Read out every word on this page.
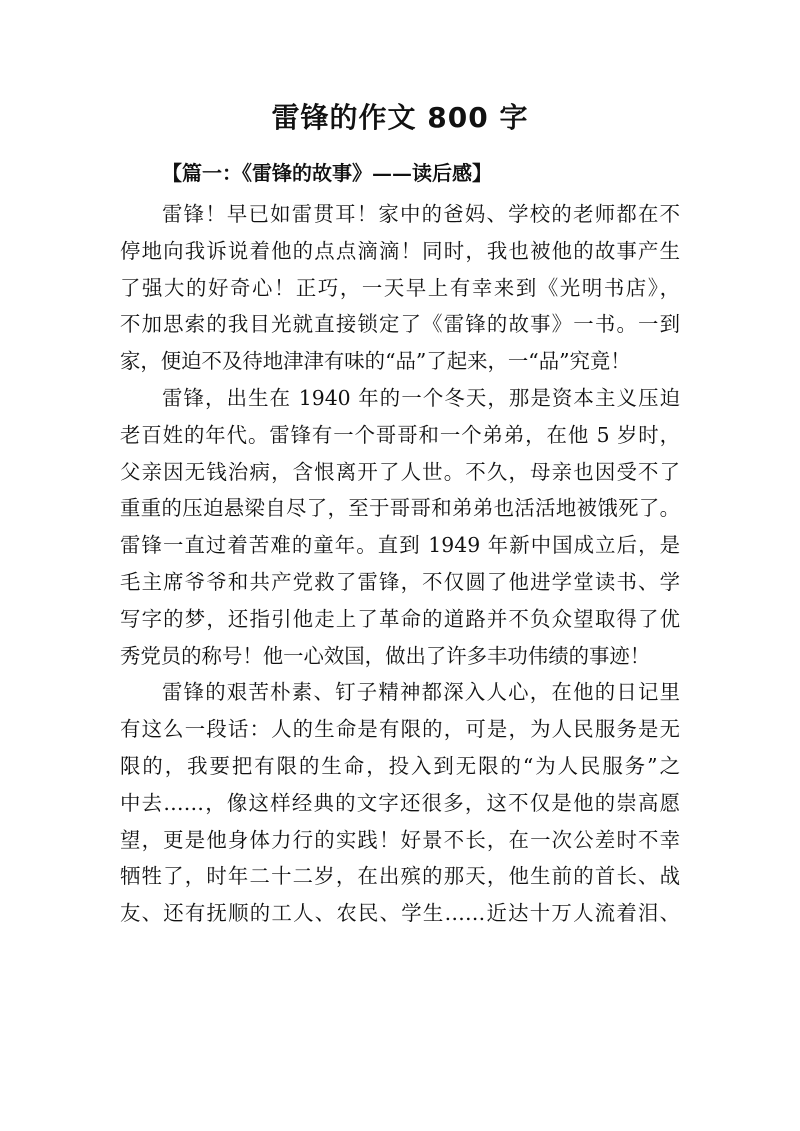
雷锋的作文 800 字
【篇一：《雷锋的故事》——读后感】

雷锋！早已如雷贯耳！家中的爸妈、学校的老师都在不

停地向我诉说着他的点点滴滴！同时，我也被他的故事产生

了强大的好奇心！正巧，一天早上有幸来到《光明书店》，

不加思索的我目光就直接锁定了《雷锋的故事》一书。一到

家，便迫不及待地津津有味的“品”了起来，一“品”究竟！

雷锋，出生在 1940 年的一个冬天，那是资本主义压迫

老百姓的年代。雷锋有一个哥哥和一个弟弟，在他 5 岁时，

父亲因无钱治病，含恨离开了人世。不久，母亲也因受不了

重重的压迫悬梁自尽了，至于哥哥和弟弟也活活地被饿死了。

雷锋一直过着苦难的童年。直到 1949 年新中国成立后，是

毛主席爷爷和共产党救了雷锋，不仅圆了他进学堂读书、学

写字的梦，还指引他走上了革命的道路并不负众望取得了优

秀党员的称号！他一心效国，做出了许多丰功伟绩的事迹！

雷锋的艰苦朴素、钉子精神都深入人心，在他的日记里

有这么一段话：人的生命是有限的，可是，为人民服务是无

限的，我要把有限的生命，投入到无限的“为人民服务”之

中去……，像这样经典的文字还很多，这不仅是他的崇高愿

望，更是他身体力行的实践！好景不长，在一次公差时不幸

牺牲了，时年二十二岁，在出殡的那天，他生前的首长、战

友、还有抚顺的工人、农民、学生……近达十万人流着泪、
